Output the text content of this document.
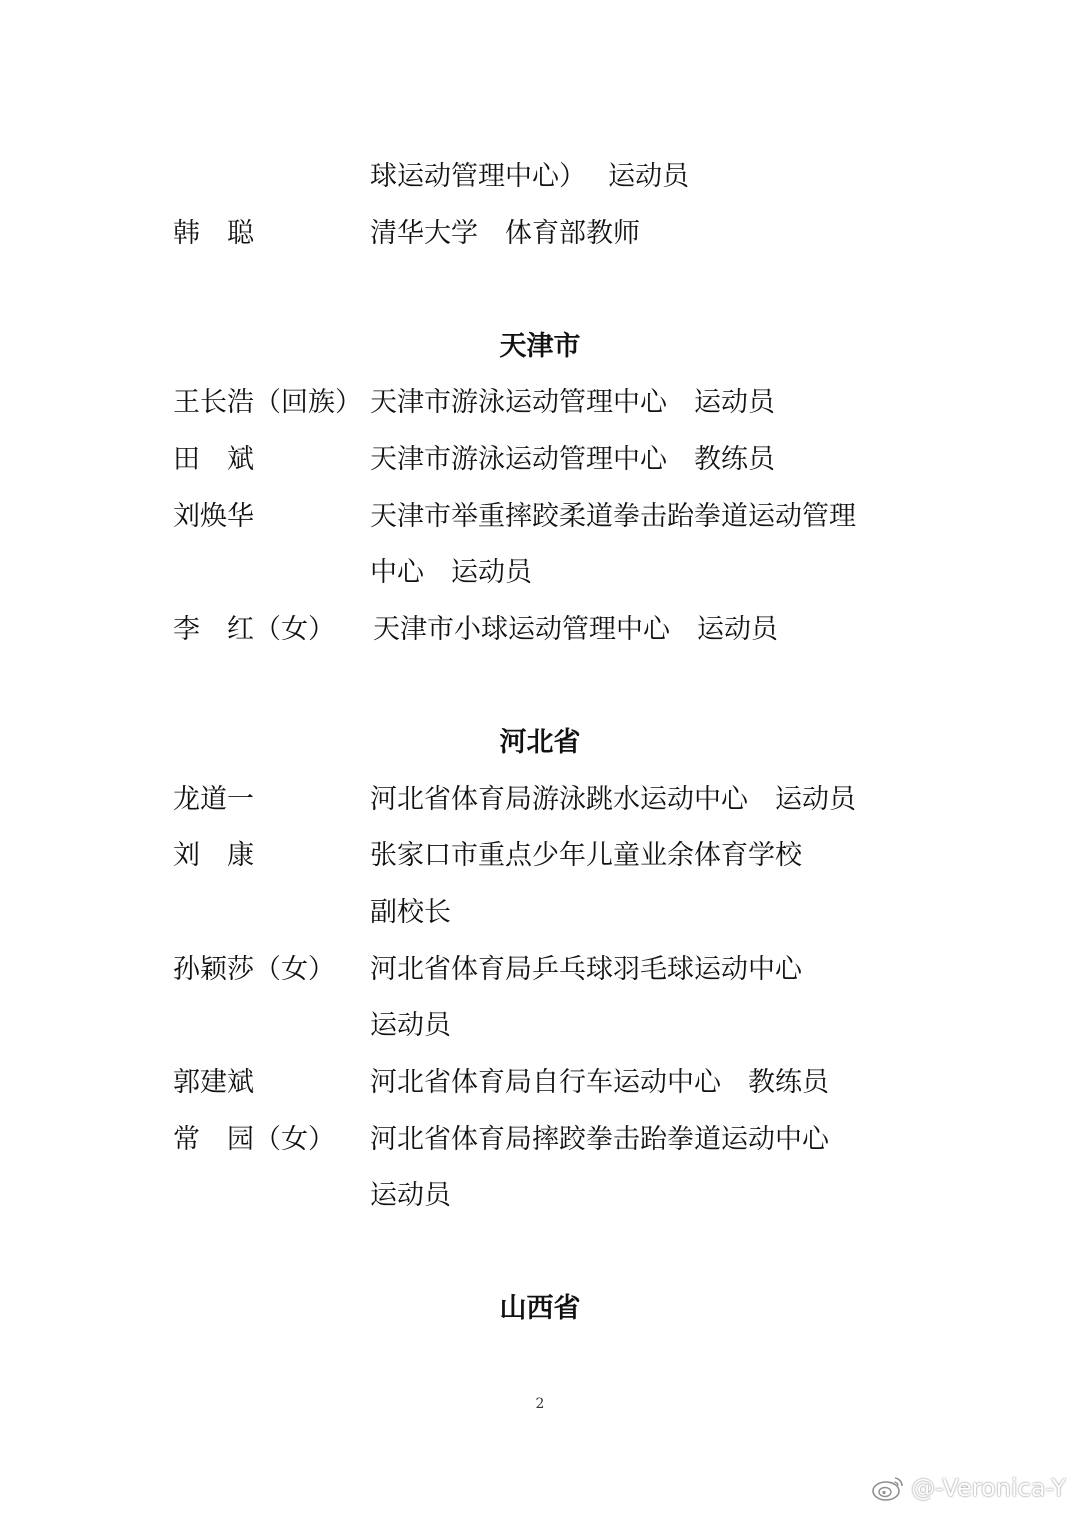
球运动管理中心）　 运动员
韩　聪	清华大学　体育部教师
天津市
王长浩（回族） 天津市游泳运动管理中心　运动员
田　斌	天津市游泳运动管理中心　教练员
刘焕华	天津市举重摔跤柔道拳击跆拳道运动管理
中心　运动员
李　红（女） 天津市小球运动管理中心　运动员
河北省
龙道一	河北省体育局游泳跳水运动中心　运动员
刘　康	张家口市重点少年儿童业余体育学校
副校长
孙颖莎（女） 河北省体育局乒乓球羽毛球运动中心
运动员
郭建斌	河北省体育局自行车运动中心　教练员
常　园（女） 河北省体育局摔跤拳击跆拳道运动中心
运动员
山西省
2
@-Veronica-Y
